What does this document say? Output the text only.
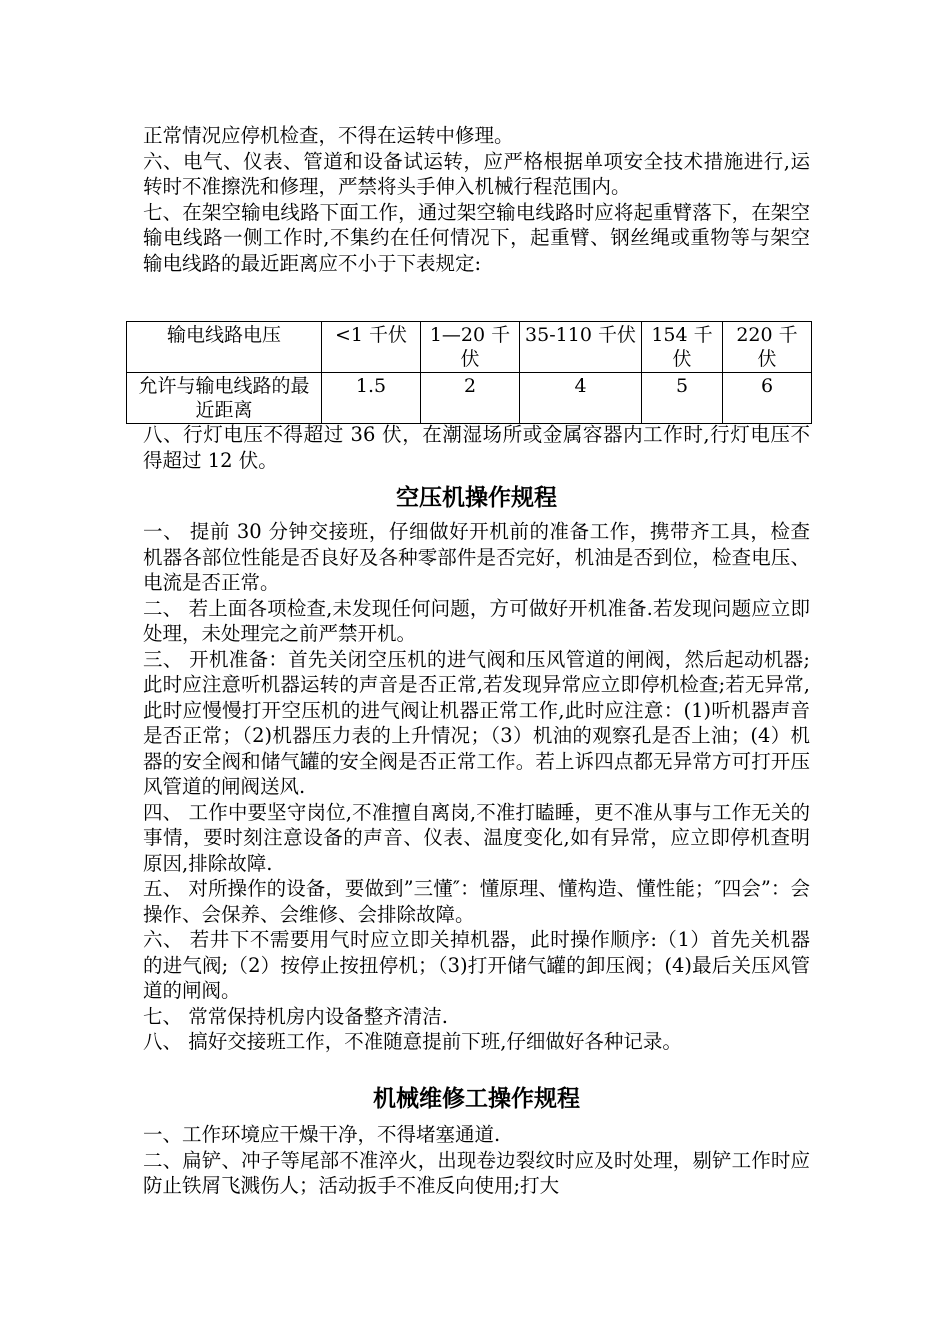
正常情况应停机检查，不得在运转中修理。

六、电气、仪表、管道和设备试运转，应严格根据单项安全技术措施进行,运转时不准擦洗和修理，严禁将头手伸入机械行程范围内。

七、在架空输电线路下面工作，通过架空输电线路时应将起重臂落下，在架空输电线路一侧工作时,不集约在任何情况下，起重臂、钢丝绳或重物等与架空输电线路的最近距离应不小于下表规定:

输电线路电压	<1 千伏	1—20 千伏	35-110 千伏	154 千伏	220 千伏
允许与输电线路的最近距离	1.5	2	4	5	6

八、行灯电压不得超过 36 伏，在潮湿场所或金属容器内工作时,行灯电压不得超过 12 伏。

空压机操作规程

一、 提前 30 分钟交接班，仔细做好开机前的准备工作，携带齐工具，检查机器各部位性能是否良好及各种零部件是否完好，机油是否到位，检查电压、电流是否正常。

二、 若上面各项检查,未发现任何问题，方可做好开机准备.若发现问题应立即处理，未处理完之前严禁开机。

三、 开机准备：首先关闭空压机的进气阀和压风管道的闸阀，然后起动机器;此时应注意听机器运转的声音是否正常,若发现异常应立即停机检查;若无异常,此时应慢慢打开空压机的进气阀让机器正常工作,此时应注意：(1)听机器声音是否正常；（2)机器压力表的上升情况；（3）机油的观察孔是否上油；(4）机器的安全阀和储气罐的安全阀是否正常工作。若上诉四点都无异常方可打开压风管道的闸阀送风.

四、 工作中要坚守岗位,不准擅自离岗,不准打瞌睡，更不准从事与工作无关的事情，要时刻注意设备的声音、仪表、温度变化,如有异常，应立即停机查明原因,排除故障.

五、 对所操作的设备，要做到”三懂″：懂原理、懂构造、懂性能；″四会”：会操作、会保养、会维修、会排除故障。

六、 若井下不需要用气时应立即关掉机器，此时操作顺序:（1）首先关机器的进气阀;（2）按停止按扭停机；（3)打开储气罐的卸压阀；(4)最后关压风管道的闸阀。

七、 常常保持机房内设备整齐清洁.

八、 搞好交接班工作，不准随意提前下班,仔细做好各种记录。

机械维修工操作规程

一、工作环境应干燥干净，不得堵塞通道.

二、扁铲、冲子等尾部不准淬火，出现卷边裂纹时应及时处理，剔铲工作时应防止铁屑飞溅伤人；活动扳手不准反向使用;打大
